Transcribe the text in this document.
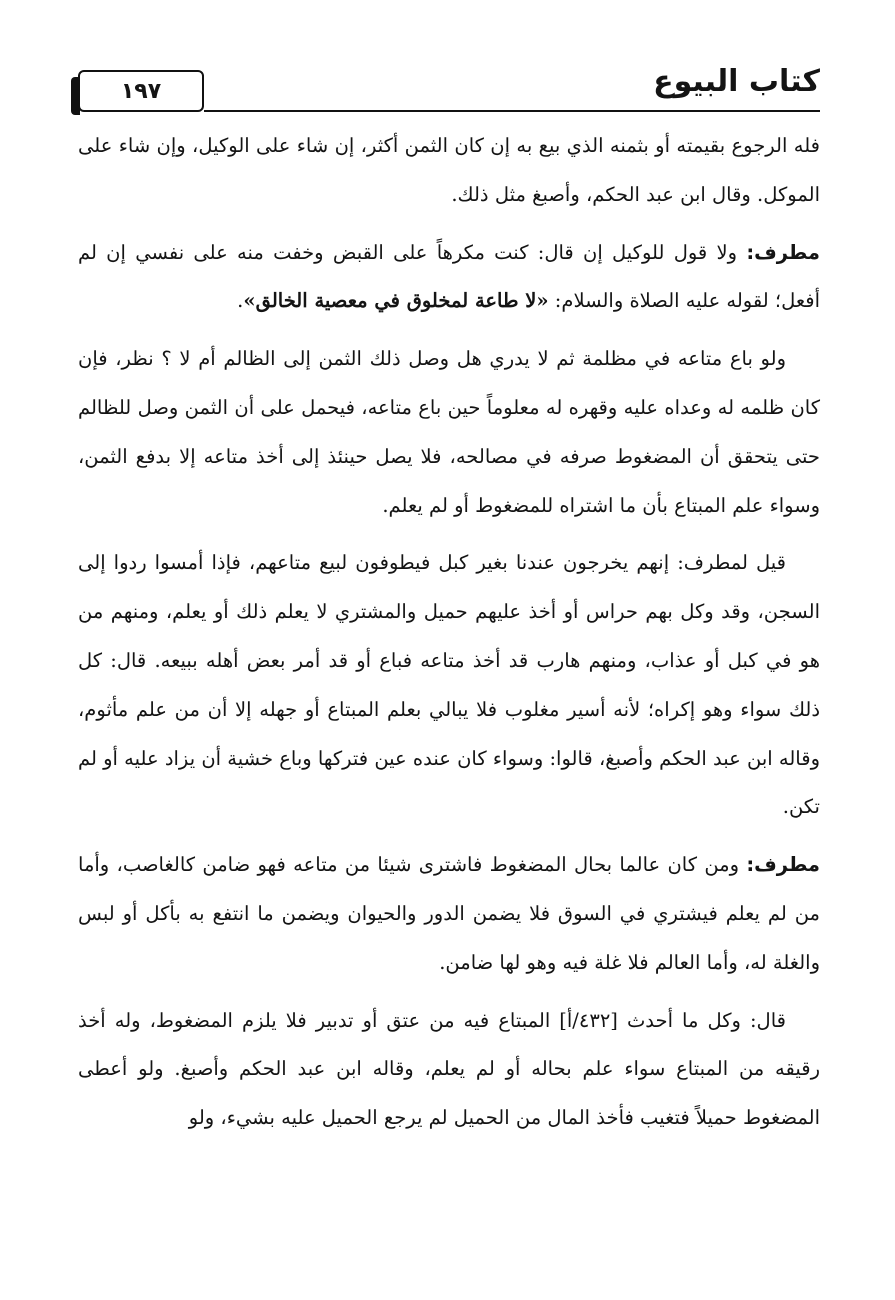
١٩٧	كتاب البيوع

فله الرجوع بقيمته أو بثمنه الذي بيع به إن كان الثمن أكثر، إن شاء على الوكيل، وإن شاء على الموكل. وقال ابن عبد الحكم، وأصبغ مثل ذلك.

مطرف: ولا قول للوكيل إن قال: كنت مكرهاً على القبض وخفت منه على نفسي إن لم أفعل؛ لقوله عليه الصلاة والسلام: «لا طاعة لمخلوق في معصية الخالق».

ولو باع متاعه في مظلمة ثم لا يدري هل وصل ذلك الثمن إلى الظالم أم لا ؟ نظر، فإن كان ظلمه له وعداه عليه وقهره له معلوماً حين باع متاعه، فيحمل على أن الثمن وصل للظالم حتى يتحقق أن المضغوط صرفه في مصالحه، فلا يصل حينئذ إلى أخذ متاعه إلا بدفع الثمن، وسواء علم المبتاع بأن ما اشتراه للمضغوط أو لم يعلم.

قيل لمطرف: إنهم يخرجون عندنا بغير كبل فيطوفون لبيع متاعهم، فإذا أمسوا ردوا إلى السجن، وقد وكل بهم حراس أو أخذ عليهم حميل والمشتري لا يعلم ذلك أو يعلم، ومنهم من هو في كبل أو عذاب، ومنهم هارب قد أخذ متاعه فباع أو قد أمر بعض أهله ببيعه. قال: كل ذلك سواء وهو إكراه؛ لأنه أسير مغلوب فلا يبالي بعلم المبتاع أو جهله إلا أن من علم مأثوم، وقاله ابن عبد الحكم وأصبغ، قالوا: وسواء كان عنده عين فتركها وباع خشية أن يزاد عليه أو لم تكن.

مطرف: ومن كان عالما بحال المضغوط فاشترى شيئا من متاعه فهو ضامن كالغاصب، وأما من لم يعلم فيشتري في السوق فلا يضمن الدور والحيوان ويضمن ما انتفع به بأكل أو لبس والغلة له، وأما العالم فلا غلة فيه وهو لها ضامن.

قال: وكل ما أحدث [٤٣٢/أ] المبتاع فيه من عتق أو تدبير فلا يلزم المضغوط، وله أخذ رقيقه من المبتاع سواء علم بحاله أو لم يعلم، وقاله ابن عبد الحكم وأصبغ. ولو أعطى المضغوط حميلاً فتغيب فأخذ المال من الحميل لم يرجع الحميل عليه بشيء، ولو
